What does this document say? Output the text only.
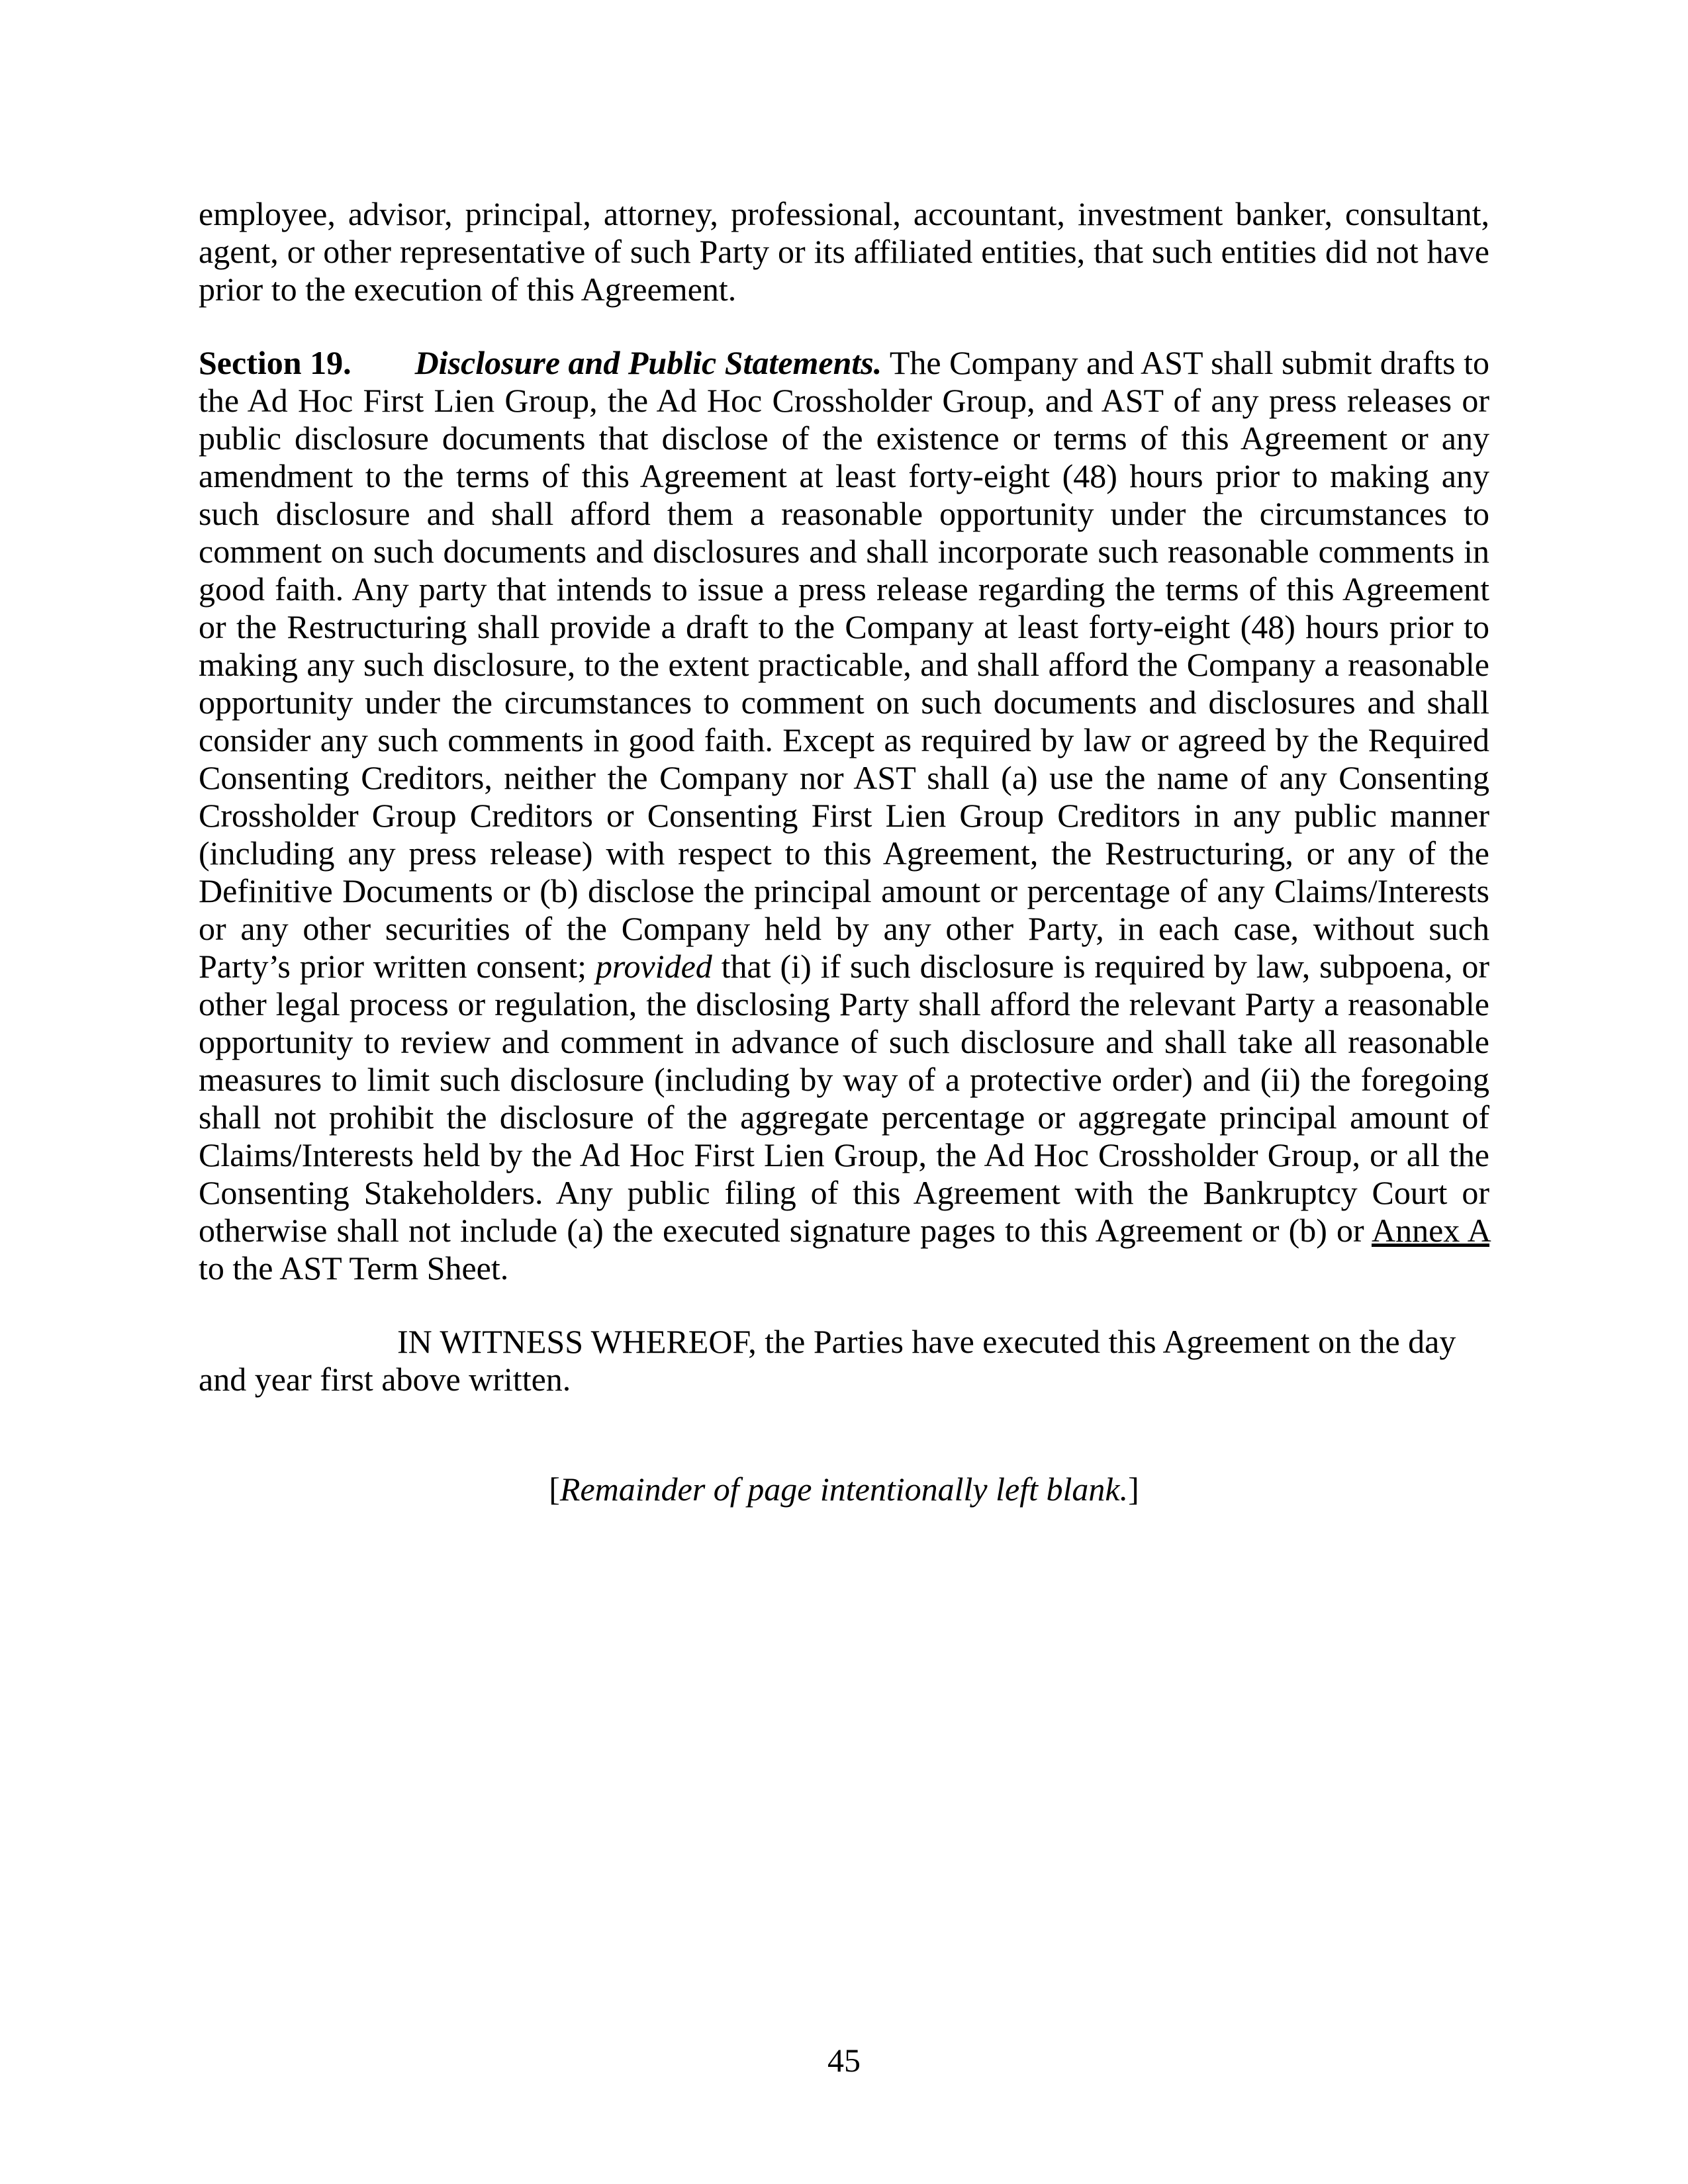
employee, advisor, principal, attorney, professional, accountant, investment banker, consultant, agent, or other representative of such Party or its affiliated entities, that such entities did not have prior to the execution of this Agreement.

Section 19. Disclosure and Public Statements. The Company and AST shall submit drafts to the Ad Hoc First Lien Group, the Ad Hoc Crossholder Group, and AST of any press releases or public disclosure documents that disclose of the existence or terms of this Agreement or any amendment to the terms of this Agreement at least forty-eight (48) hours prior to making any such disclosure and shall afford them a reasonable opportunity under the circumstances to comment on such documents and disclosures and shall incorporate such reasonable comments in good faith. Any party that intends to issue a press release regarding the terms of this Agreement or the Restructuring shall provide a draft to the Company at least forty-eight (48) hours prior to making any such disclosure, to the extent practicable, and shall afford the Company a reasonable opportunity under the circumstances to comment on such documents and disclosures and shall consider any such comments in good faith. Except as required by law or agreed by the Required Consenting Creditors, neither the Company nor AST shall (a) use the name of any Consenting Crossholder Group Creditors or Consenting First Lien Group Creditors in any public manner (including any press release) with respect to this Agreement, the Restructuring, or any of the Definitive Documents or (b) disclose the principal amount or percentage of any Claims/Interests or any other securities of the Company held by any other Party, in each case, without such Party’s prior written consent; provided that (i) if such disclosure is required by law, subpoena, or other legal process or regulation, the disclosing Party shall afford the relevant Party a reasonable opportunity to review and comment in advance of such disclosure and shall take all reasonable measures to limit such disclosure (including by way of a protective order) and (ii) the foregoing shall not prohibit the disclosure of the aggregate percentage or aggregate principal amount of Claims/Interests held by the Ad Hoc First Lien Group, the Ad Hoc Crossholder Group, or all the Consenting Stakeholders. Any public filing of this Agreement with the Bankruptcy Court or otherwise shall not include (a) the executed signature pages to this Agreement or (b) or Annex A to the AST Term Sheet.

IN WITNESS WHEREOF, the Parties have executed this Agreement on the day
and year first above written.

[Remainder of page intentionally left blank.]
45
